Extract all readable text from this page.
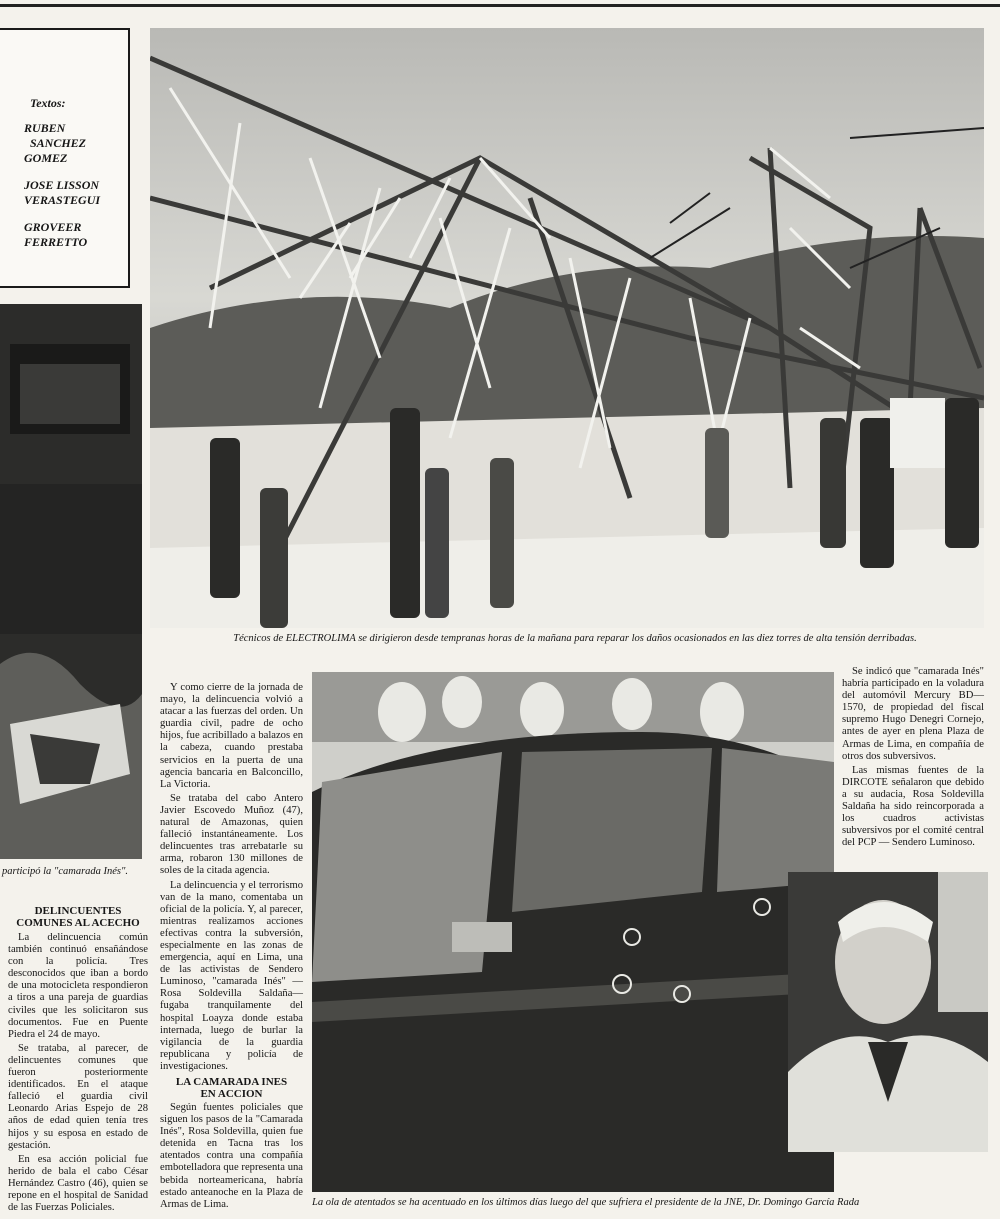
Textos:

RUBEN

SANCHEZ

GOMEZ

JOSE LISSON

VERASTEGUI

GROVEER

FERRETTO

Técnicos de ELECTROLIMA se dirigieron desde tempranas horas de la mañana para reparar los daños ocasionados en las diez torres de alta tensión derribadas.
participó la "camarada Inés".
DELINCUENTES
COMUNES AL ACECHO

La delincuencia común también continuó ensañándose con la policía. Tres desconocidos que iban a bordo de una motocicleta respondieron a tiros a una pareja de guardias civiles que les solicitaron sus documentos. Fue en Puente Piedra el 24 de mayo.

Se trataba, al parecer, de delincuentes comunes que fueron posteriormente identificados. En el ataque falleció el guardia civil Leonardo Arias Espejo de 28 años de edad quien tenía tres hijos y su esposa en estado de gestación.

En esa acción policial fue herido de bala el cabo César Hernández Castro (46), quien se repone en el hospital de Sanidad de las Fuerzas Policiales.

Y como cierre de la jornada de mayo, la delincuencia volvió a atacar a las fuerzas del orden. Un guardia civil, padre de ocho hijos, fue acribillado a balazos en la cabeza, cuando prestaba servicios en la puerta de una agencia bancaria en Balconcillo, La Victoria.

Se trataba del cabo Antero Javier Escovedo Muñoz (47), natural de Amazonas, quien falleció instantáneamente. Los delincuentes tras arrebatarle su arma, robaron 130 millones de soles de la citada agencia.

La delincuencia y el terrorismo van de la mano, comentaba un oficial de la policía. Y, al parecer, mientras realizamos acciones efectivas contra la subversión, especialmente en las zonas de emergencia, aquí en Lima, una de las activistas de Sendero Luminoso, "camarada Inés" — Rosa Soldevilla Saldaña— fugaba tranquilamente del hospital Loayza donde estaba internada, luego de burlar la vigilancia de la guardia republicana y policía de investigaciones.

LA CAMARADA INES
EN ACCION

Según fuentes policiales que siguen los pasos de la "Camarada Inés", Rosa Soldevilla, quien fue detenida en Tacna tras los atentados contra una compañía embotelladora que representa una bebida norteamericana, habría estado anteanoche en la Plaza de Armas de Lima.

Se indicó que "camarada Inés" habría participado en la voladura del automóvil Mercury BD—1570, de propiedad del fiscal supremo Hugo Denegri Cornejo, antes de ayer en plena Plaza de Armas de Lima, en compañía de otros dos subversivos.

Las mismas fuentes de la DIRCOTE señalaron que debido a su audacia, Rosa Soldevilla Saldaña ha sido reincorporada a los cuadros activistas subversivos por el comité central del PCP — Sendero Luminoso.

La ola de atentados se ha acentuado en los últimos días luego del que sufriera el presidente de la JNE, Dr. Domingo García Rada
